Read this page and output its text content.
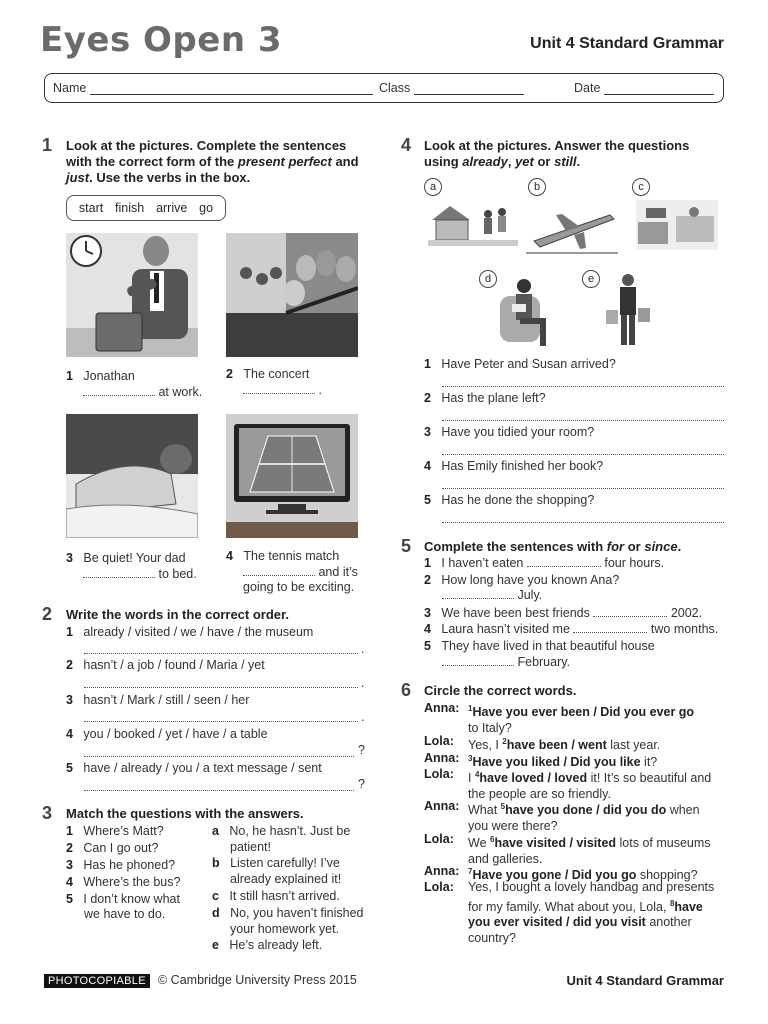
Eyes Open 3	Unit 4 Standard Grammar
Name	Class	Date
1 Look at the pictures. Complete the sentences with the correct form of the present perfect and just. Use the verbs in the box.
start finish arrive go
1 Jonathan
at work.
2 The concert
.
3 Be quiet! Your dad
to bed.
4 The tennis match
and it’s
going to be exciting.
2 Write the words in the correct order.
1 already / visited / we / have / the museum
.
2 hasn’t / a job / found / Maria / yet
.
3 hasn’t / Mark / still / seen / her
.
4 you / booked / yet / have / a table
?
5 have / already / you / a text message / sent
?
3 Match the questions with the answers.
1 Where’s Matt?
2 Can I go out?
3 Has he phoned?
4 Where’s the bus?
5 I don’t know what
we have to do.
a No, he hasn’t. Just be
patient!
b Listen carefully! I’ve
already explained it!
c It still hasn’t arrived.
d No, you haven’t finished
your homework yet.
e He’s already left.
4 Look at the pictures. Answer the questions using already, yet or still.
a	b	c
d	e
1 Have Peter and Susan arrived?
2 Has the plane left?
3 Have you tidied your room?
4 Has Emily finished her book?
5 Has he done the shopping?
5 Complete the sentences with for or since.
1 I haven’t eaten	four hours.
2 How long have you known Ana?
July.
3 We have been best friends	2002.
4 Laura hasn’t visited me	two months.
5 They have lived in that beautiful house
February.
6 Circle the correct words.
Anna: $^1$Have you ever been / Did you ever go
to Italy?
Lola: Yes, I $^2$have been / went last year.
Anna: $^3$Have you liked / Did you like it?
Lola: I $^4$have loved / loved it! It’s so beautiful and
the people are so friendly.
Anna: What $^5$have you done / did you do when
you were there?
Lola: We $^6$have visited / visited lots of museums
and galleries.
Anna: $^7$Have you gone / Did you go shopping?
Lola: Yes, I bought a lovely handbag and presents
for my family. What about you, Lola, $^8$have
you ever visited / did you visit another
country?
PHOTOCOPIABLE © Cambridge University Press 2015	Unit 4 Standard Grammar
